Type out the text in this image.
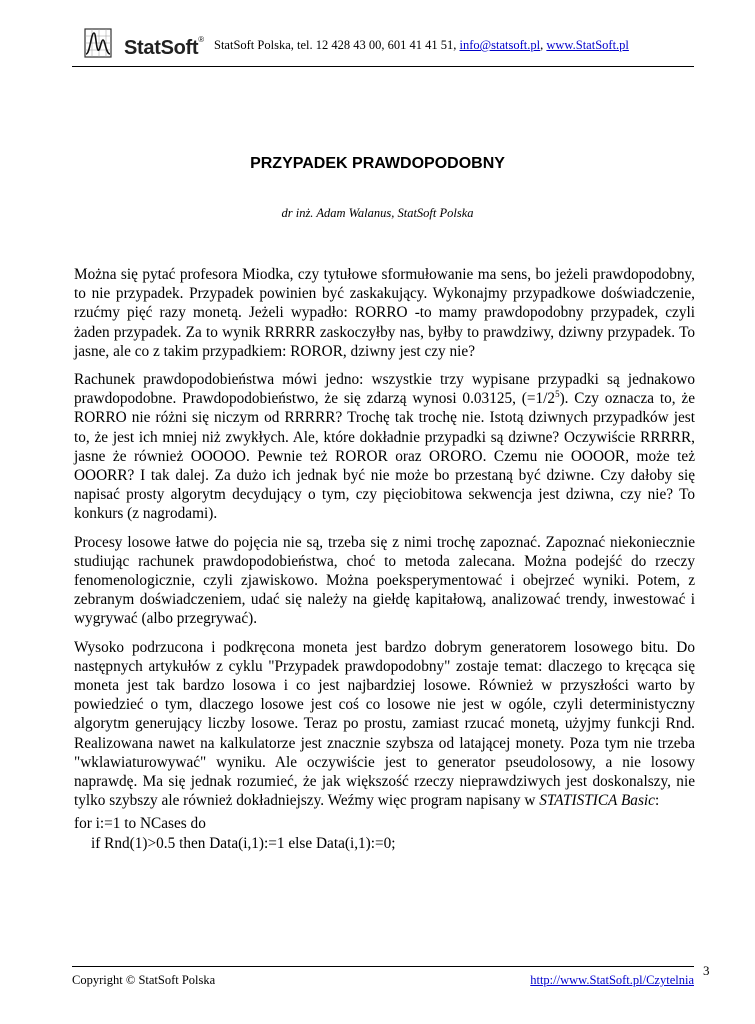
StatSoft® StatSoft Polska, tel. 12 428 43 00, 601 41 41 51, info@statsoft.pl, www.StatSoft.pl
PRZYPADEK PRAWDOPODOBNY
dr inż. Adam Walanus, StatSoft Polska

Można się pytać profesora Miodka, czy tytułowe sformułowanie ma sens, bo jeżeli prawdopodobny, to nie przypadek. Przypadek powinien być zaskakujący. Wykonajmy przypadkowe doświadczenie, rzućmy pięć razy monetą. Jeżeli wypadło: RORRO -to mamy prawdopodobny przypadek, czyli żaden przypadek. Za to wynik RRRRR zaskoczyłby nas, byłby to prawdziwy, dziwny przypadek. To jasne, ale co z takim przypadkiem: ROROR, dziwny jest czy nie?

Rachunek prawdopodobieństwa mówi jedno: wszystkie trzy wypisane przypadki są jednakowo prawdopodobne. Prawdopodobieństwo, że się zdarzą wynosi 0.03125, $(=1/2^5)$. Czy oznacza to, że RORRO nie różni się niczym od RRRRR? Trochę tak trochę nie. Istotą dziwnych przypadków jest to, że jest ich mniej niż zwykłych. Ale, które dokładnie przypadki są dziwne? Oczywiście RRRRR, jasne że również OOOOO. Pewnie też ROROR oraz ORORO. Czemu nie OOOOR, może też OOORR? I tak dalej. Za dużo ich jednak być nie może bo przestaną być dziwne. Czy dałoby się napisać prosty algorytm decydujący o tym, czy pięciobitowa sekwencja jest dziwna, czy nie? To konkurs (z nagrodami).

Procesy losowe łatwe do pojęcia nie są, trzeba się z nimi trochę zapoznać. Zapoznać niekoniecznie studiując rachunek prawdopodobieństwa, choć to metoda zalecana. Można podejść do rzeczy fenomenologicznie, czyli zjawiskowo. Można poeksperymentować i obejrzeć wyniki. Potem, z zebranym doświadczeniem, udać się należy na giełdę kapitałową, analizować trendy, inwestować i wygrywać (albo przegrywać).

Wysoko podrzucona i podkręcona moneta jest bardzo dobrym generatorem losowego bitu. Do następnych artykułów z cyklu "Przypadek prawdopodobny" zostaje temat: dlaczego to kręcąca się moneta jest tak bardzo losowa i co jest najbardziej losowe. Również w przyszłości warto by powiedzieć o tym, dlaczego losowe jest coś co losowe nie jest w ogóle, czyli deterministyczny algorytm generujący liczby losowe. Teraz po prostu, zamiast rzucać monetą, użyjmy funkcji Rnd. Realizowana nawet na kalkulatorze jest znacznie szybsza od latającej monety. Poza tym nie trzeba "wklawiaturowywać" wyniku. Ale oczywiście jest to generator pseudolosowy, a nie losowy naprawdę. Ma się jednak rozumieć, że jak większość rzeczy nieprawdziwych jest doskonalszy, nie tylko szybszy ale również dokładniejszy. Weźmy więc program napisany w STATISTICA Basic:

for i:=1 to NCases do
if Rnd(1)>0.5 then Data(i,1):=1 else Data(i,1):=0;
Copyright © StatSoft Polska	http://www.StatSoft.pl/Czytelnia
3
